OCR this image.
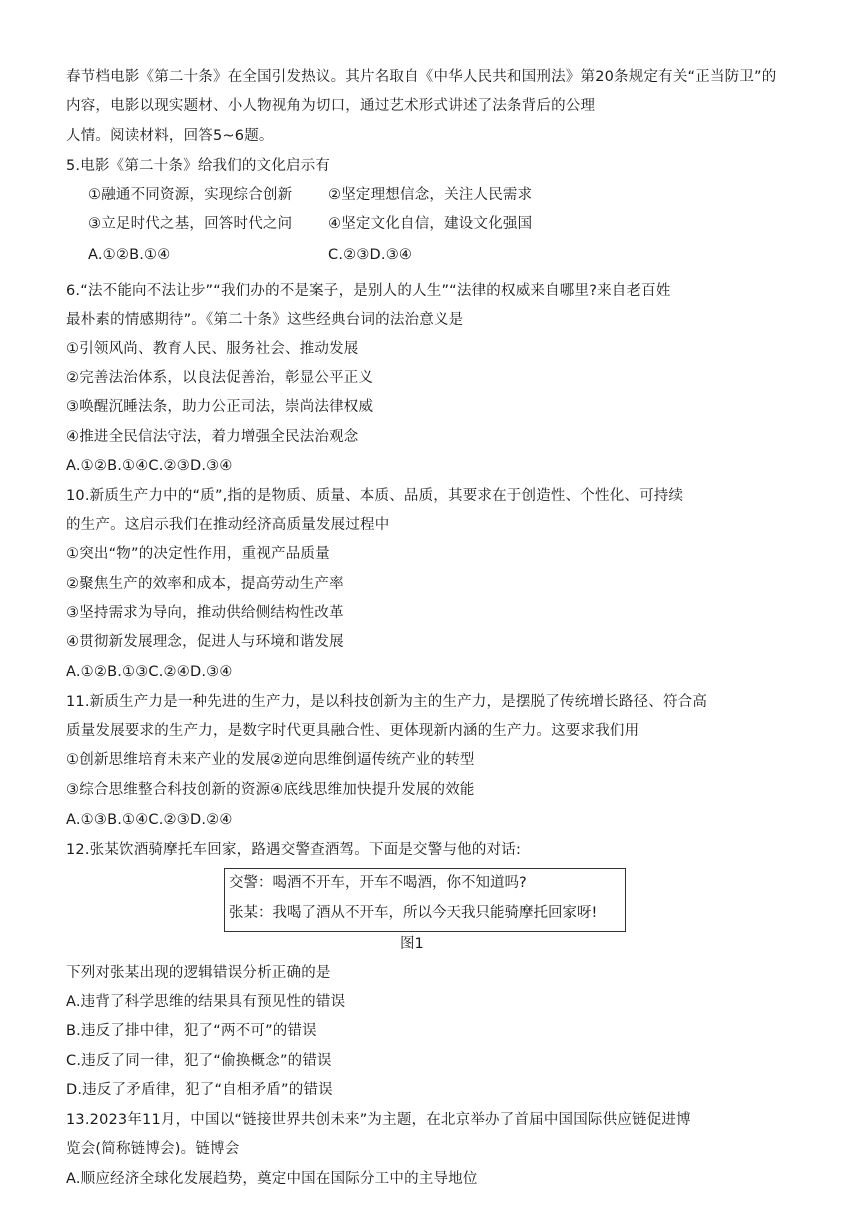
春节档电影《第二十条》在全国引发热议。其片名取自《中华人民共和国刑法》第20条规定有关“正当防卫”的

内容，电影以现实题材、小人物视角为切口，通过艺术形式讲述了法条背后的公理

人情。阅读材料，回答5~6题。

5.电影《第二十条》给我们的文化启示有

①融通不同资源，实现综合创新 ②坚定理想信念，关注人民需求

③立足时代之基，回答时代之问 ④坚定文化自信，建设文化强国

A.①②B.①④	C.②③D.③④

6.“法不能向不法让步”“我们办的不是案子，是别人的人生”“法律的权威来自哪里?来自老百姓

最朴素的情感期待”。《第二十条》这些经典台词的法治意义是

①引领风尚、教育人民、服务社会、推动发展

②完善法治体系，以良法促善治，彰显公平正义

③唤醒沉睡法条，助力公正司法，崇尚法律权威

④推进全民信法守法，着力增强全民法治观念

A.①②B.①④C.②③D.③④

10.新质生产力中的“质”,指的是物质、质量、本质、品质，其要求在于创造性、个性化、可持续

的生产。这启示我们在推动经济高质量发展过程中

①突出“物”的决定性作用，重视产品质量

②聚焦生产的效率和成本，提高劳动生产率

③坚持需求为导向，推动供给侧结构性改革

④贯彻新发展理念，促进人与环境和谐发展

A.①②B.①③C.②④D.③④

11.新质生产力是一种先进的生产力，是以科技创新为主的生产力，是摆脱了传统增长路径、符合高

质量发展要求的生产力，是数字时代更具融合性、更体现新内涵的生产力。这要求我们用

①创新思维培育未来产业的发展②逆向思维倒逼传统产业的转型

③综合思维整合科技创新的资源④底线思维加快提升发展的效能

A.①③B.①④C.②③D.②④

12.张某饮酒骑摩托车回家，路遇交警查酒驾。下面是交警与他的对话:

交警：喝酒不开车，开车不喝酒，你不知道吗?

张某：我喝了酒从不开车，所以今天我只能骑摩托回家呀!

图1

下列对张某出现的逻辑错误分析正确的是

A.违背了科学思维的结果具有预见性的错误

B.违反了排中律，犯了“两不可”的错误

C.违反了同一律，犯了“偷换概念”的错误

D.违反了矛盾律，犯了“自相矛盾”的错误

13.2023年11月，中国以“链接世界共创未来”为主题，在北京举办了首届中国国际供应链促进博

览会(简称链博会)。链博会

A.顺应经济全球化发展趋势，奠定中国在国际分工中的主导地位
